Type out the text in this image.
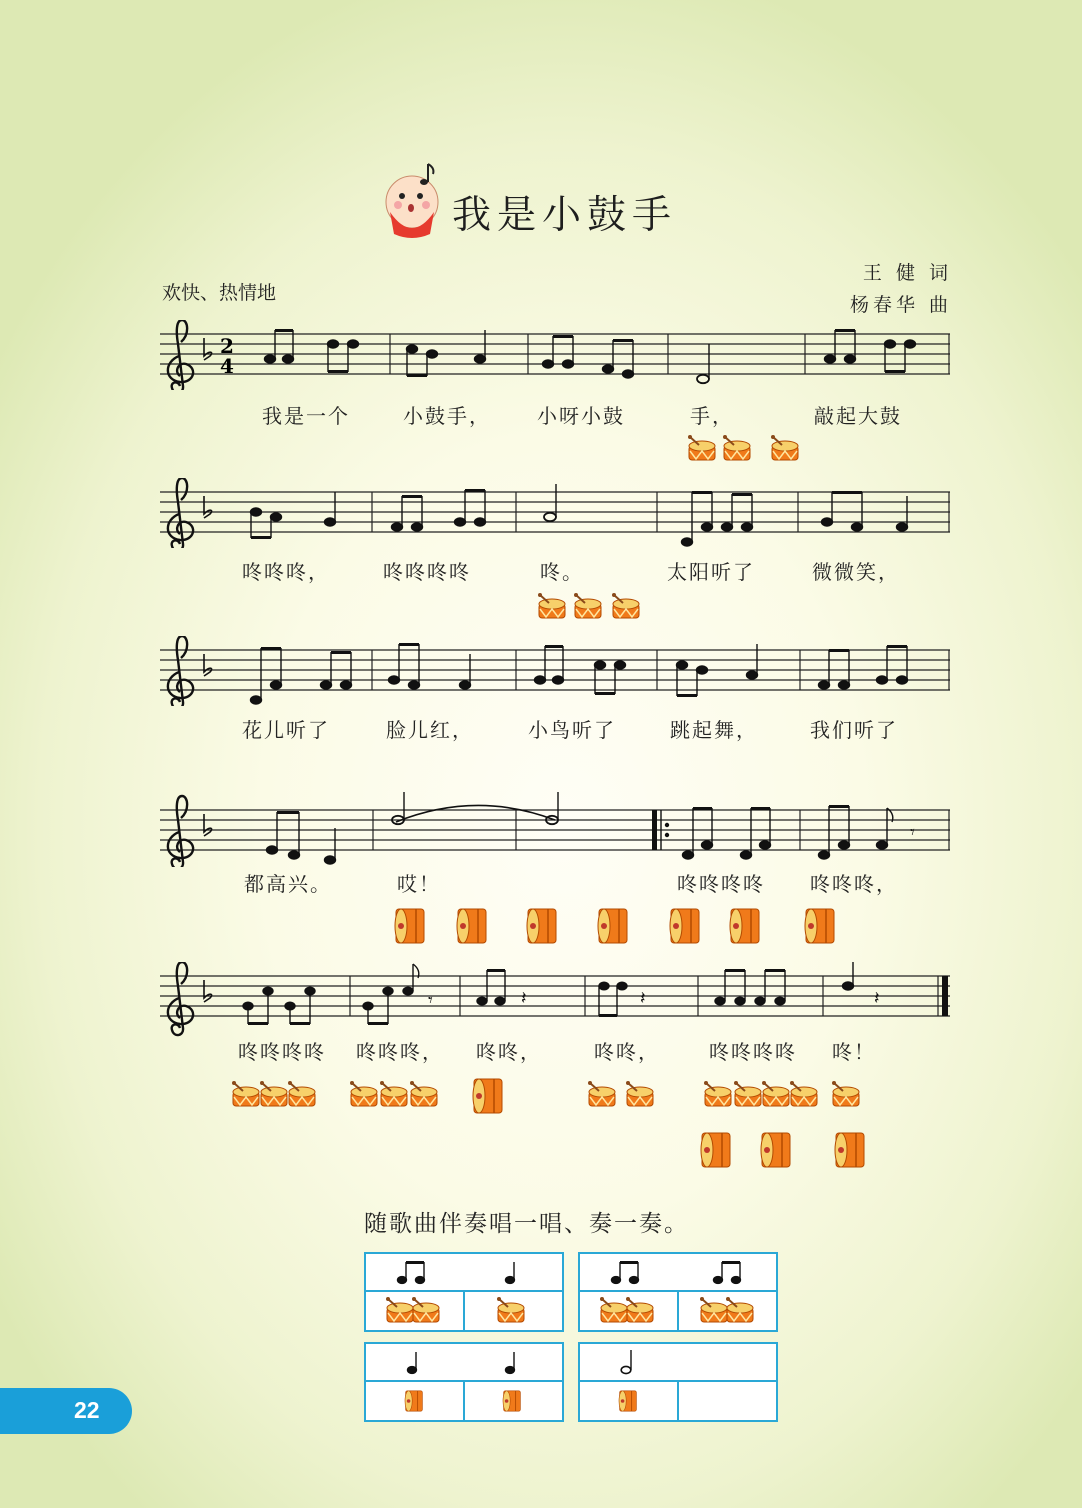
我是小鼓手
王 健 词
杨春华 曲
欢快、热情地
2
4
我是一个	小鼓手， 小呀小鼓	手，	敲起大鼓
咚咚咚，	咚咚咚咚	咚。	太阳听了	微微笑，
花儿听了	脸儿红，	小鸟听了	跳起舞，	我们听了
𝄾
都高兴。	哎！	咚咚咚咚 咚咚咚，
𝄾	𝄽	𝄽	𝄽
咚咚咚咚 咚咚咚， 咚咚，	咚咚， 咚咚咚咚 咚！
随歌曲伴奏唱一唱、奏一奏。
22
